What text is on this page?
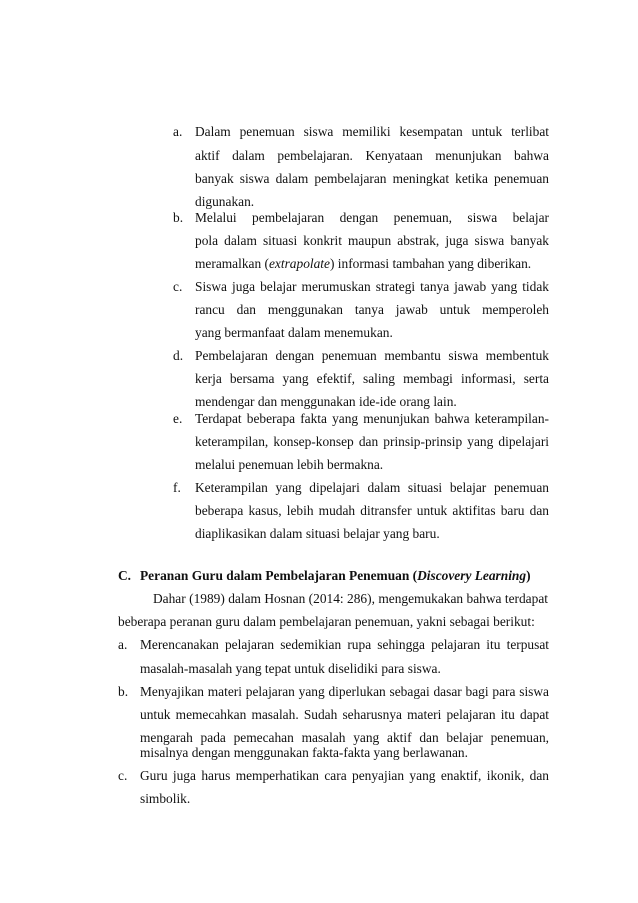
a. Dalam penemuan siswa memiliki kesempatan untuk terlibat
aktif dalam pembelajaran. Kenyataan menunjukan bahwa
banyak siswa dalam pembelajaran meningkat ketika penemuan
digunakan.
b. Melalui pembelajaran dengan penemuan, siswa belajar
pola dalam situasi konkrit maupun abstrak, juga siswa banyak
meramalkan (extrapolate) informasi tambahan yang diberikan.
c. Siswa juga belajar merumuskan strategi tanya jawab yang tidak
rancu dan menggunakan tanya jawab untuk memperoleh
yang bermanfaat dalam menemukan.
d. Pembelajaran dengan penemuan membantu siswa membentuk
kerja bersama yang efektif, saling membagi informasi, serta
mendengar dan menggunakan ide-ide orang lain.
e. Terdapat beberapa fakta yang menunjukan bahwa keterampilan-
keterampilan, konsep-konsep dan prinsip-prinsip yang dipelajari
melalui penemuan lebih bermakna.
f. Keterampilan yang dipelajari dalam situasi belajar penemuan
beberapa kasus, lebih mudah ditransfer untuk aktifitas baru dan
diaplikasikan dalam situasi belajar yang baru.
C. Peranan Guru dalam Pembelajaran Penemuan (Discovery Learning)
Dahar (1989) dalam Hosnan (2014: 286), mengemukakan bahwa terdapat
beberapa peranan guru dalam pembelajaran penemuan, yakni sebagai berikut:
a. Merencanakan pelajaran sedemikian rupa sehingga pelajaran itu terpusat
masalah-masalah yang tepat untuk diselidiki para siswa.
b. Menyajikan materi pelajaran yang diperlukan sebagai dasar bagi para siswa
untuk memecahkan masalah. Sudah seharusnya materi pelajaran itu dapat
mengarah pada pemecahan masalah yang aktif dan belajar penemuan,
misalnya dengan menggunakan fakta-fakta yang berlawanan.
c. Guru juga harus memperhatikan cara penyajian yang enaktif, ikonik, dan
simbolik.
